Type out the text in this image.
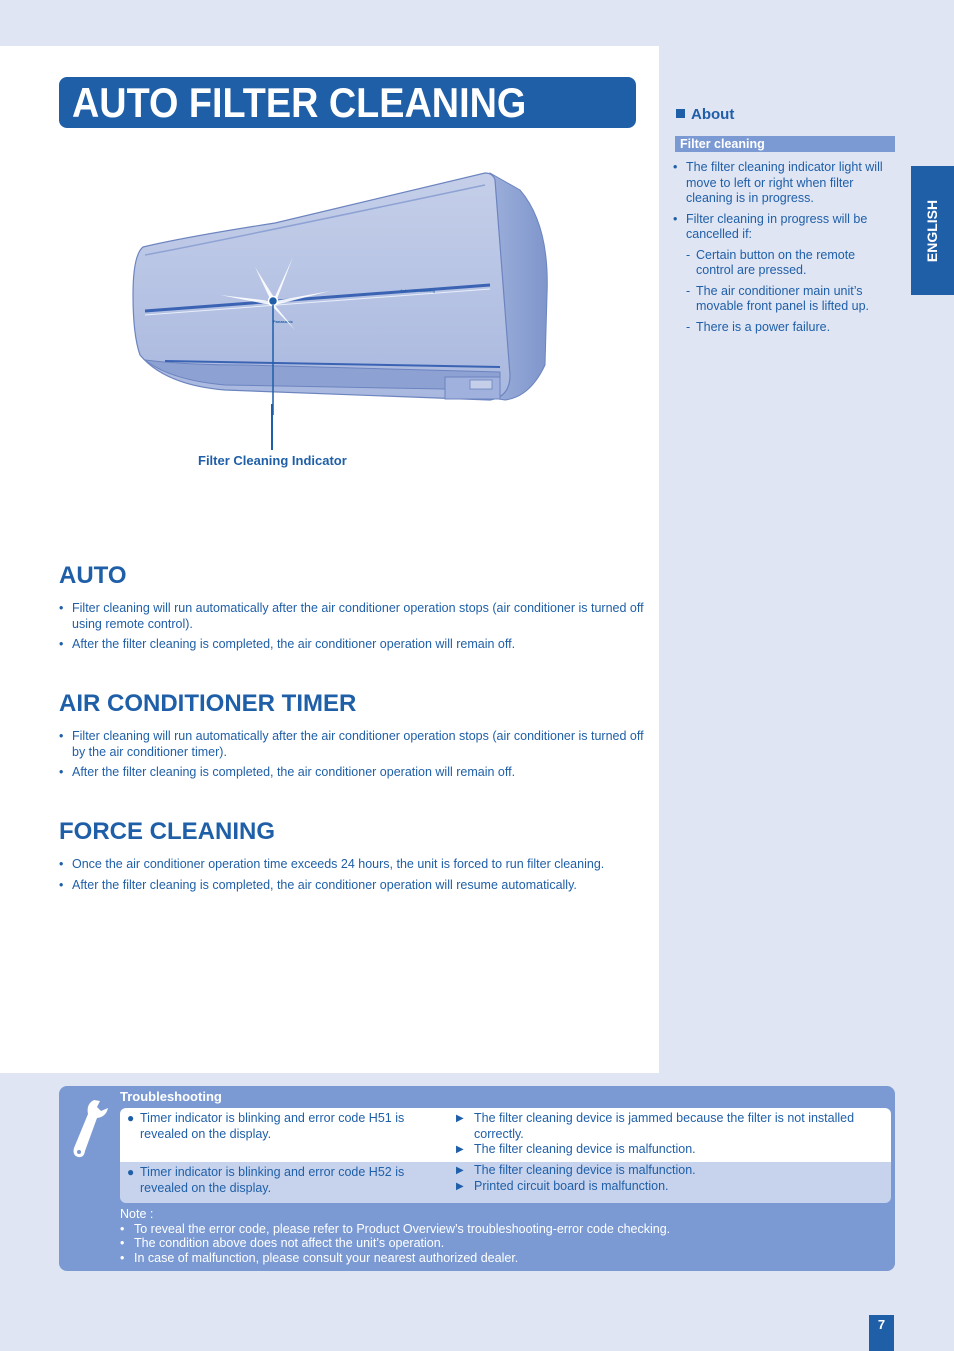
AUTO FILTER CLEANING
Panasonic
Auto Filter Cleaning
Filter Cleaning Indicator
AUTO
• Filter cleaning will run automatically after the air conditioner operation stops (air conditioner is turned off using remote control).
• After the filter cleaning is completed, the air conditioner operation will remain off.
AIR CONDITIONER TIMER
• Filter cleaning will run automatically after the air conditioner operation stops (air conditioner is turned off by the air conditioner timer).
• After the filter cleaning is completed, the air conditioner operation will remain off.
FORCE CLEANING
• Once the air conditioner operation time exceeds 24 hours, the unit is forced to run filter cleaning.
• After the filter cleaning is completed, the air conditioner operation will resume automatically.
About
Filter cleaning
• The filter cleaning indicator light will move to left or right when filter cleaning is in progress.
• Filter cleaning in progress will be cancelled if:
- Certain button on the remote control are pressed.
- The air conditioner main unit’s movable front panel is lifted up.
- There is a power failure.
ENGLISH
Troubleshooting
● Timer indicator is blinking and error code H51 is revealed on the display.
▶ The filter cleaning device is jammed because the filter is not installed correctly.
▶ The filter cleaning device is malfunction.
● Timer indicator is blinking and error code H52 is revealed on the display.
▶ The filter cleaning device is malfunction.
▶ Printed circuit board is malfunction.
Note :
• To reveal the error code, please refer to Product Overview’s troubleshooting-error code checking.
• The condition above does not affect the unit’s operation.
• In case of malfunction, please consult your nearest authorized dealer.
7
